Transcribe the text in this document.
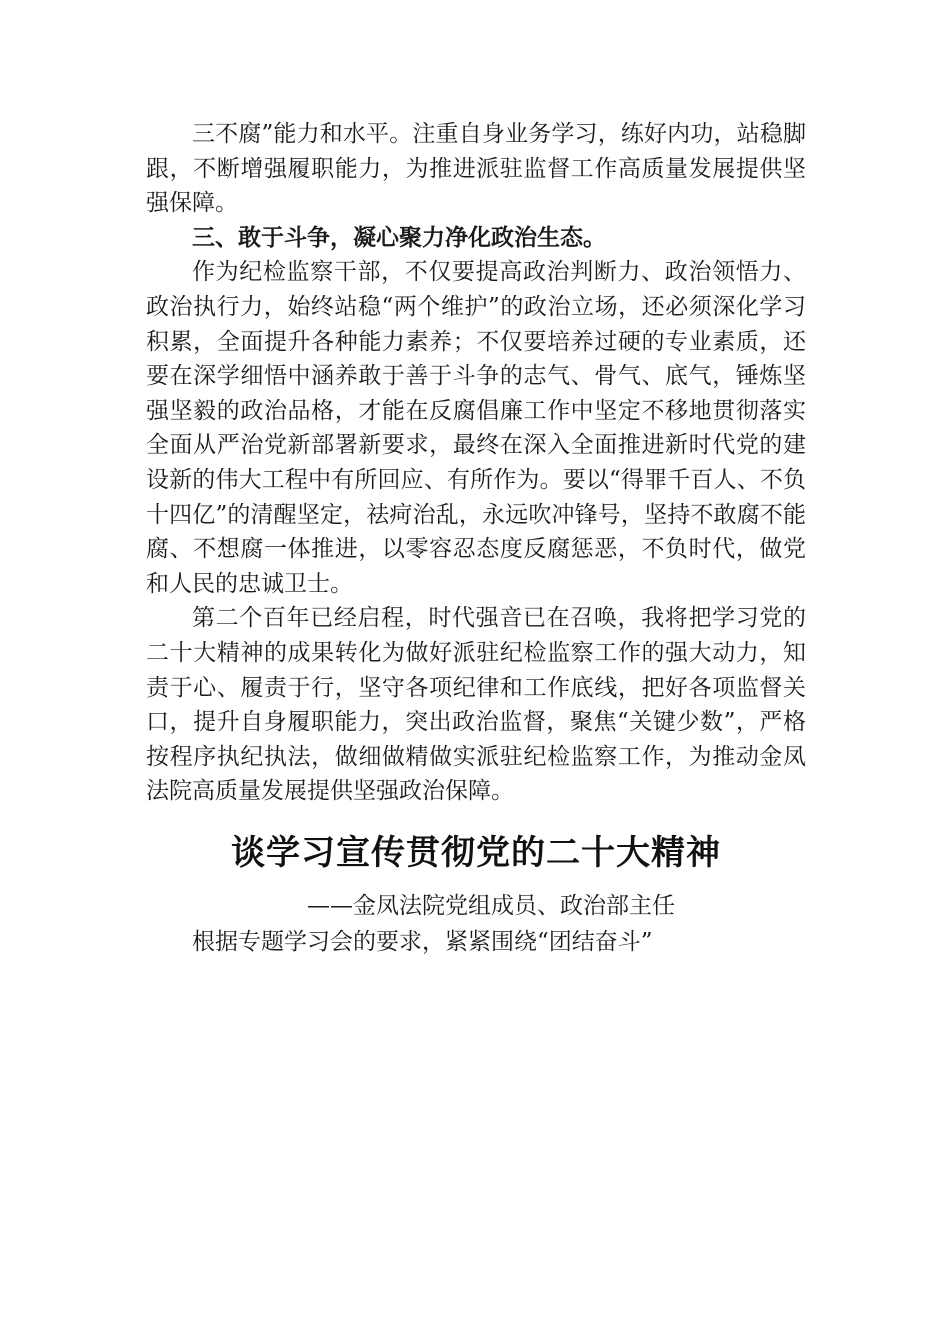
三不腐”能力和水平。注重自身业务学习，练好内功，站稳脚跟，不断增强履职能力，为推进派驻监督工作高质量发展提供坚强保障。

三、敢于斗争，凝心聚力净化政治生态。

作为纪检监察干部，不仅要提高政治判断力、政治领悟力、政治执行力，始终站稳“两个维护”的政治立场，还必须深化学习积累，全面提升各种能力素养；不仅要培养过硬的专业素质，还要在深学细悟中涵养敢于善于斗争的志气、骨气、底气，锤炼坚强坚毅的政治品格，才能在反腐倡廉工作中坚定不移地贯彻落实全面从严治党新部署新要求，最终在深入全面推进新时代党的建设新的伟大工程中有所回应、有所作为。要以“得罪千百人、不负十四亿”的清醒坚定，祛疴治乱，永远吹冲锋号，坚持不敢腐不能腐、不想腐一体推进，以零容忍态度反腐惩恶，不负时代，做党和人民的忠诚卫士。

第二个百年已经启程，时代强音已在召唤，我将把学习党的二十大精神的成果转化为做好派驻纪检监察工作的强大动力，知责于心、履责于行，坚守各项纪律和工作底线，把好各项监督关口，提升自身履职能力，突出政治监督，聚焦“关键少数”，严格按程序执纪执法，做细做精做实派驻纪检监察工作，为推动金凤法院高质量发展提供坚强政治保障。

谈学习宣传贯彻党的二十大精神

——金凤法院党组成员、政治部主任

根据专题学习会的要求，紧紧围绕“团结奋斗”
